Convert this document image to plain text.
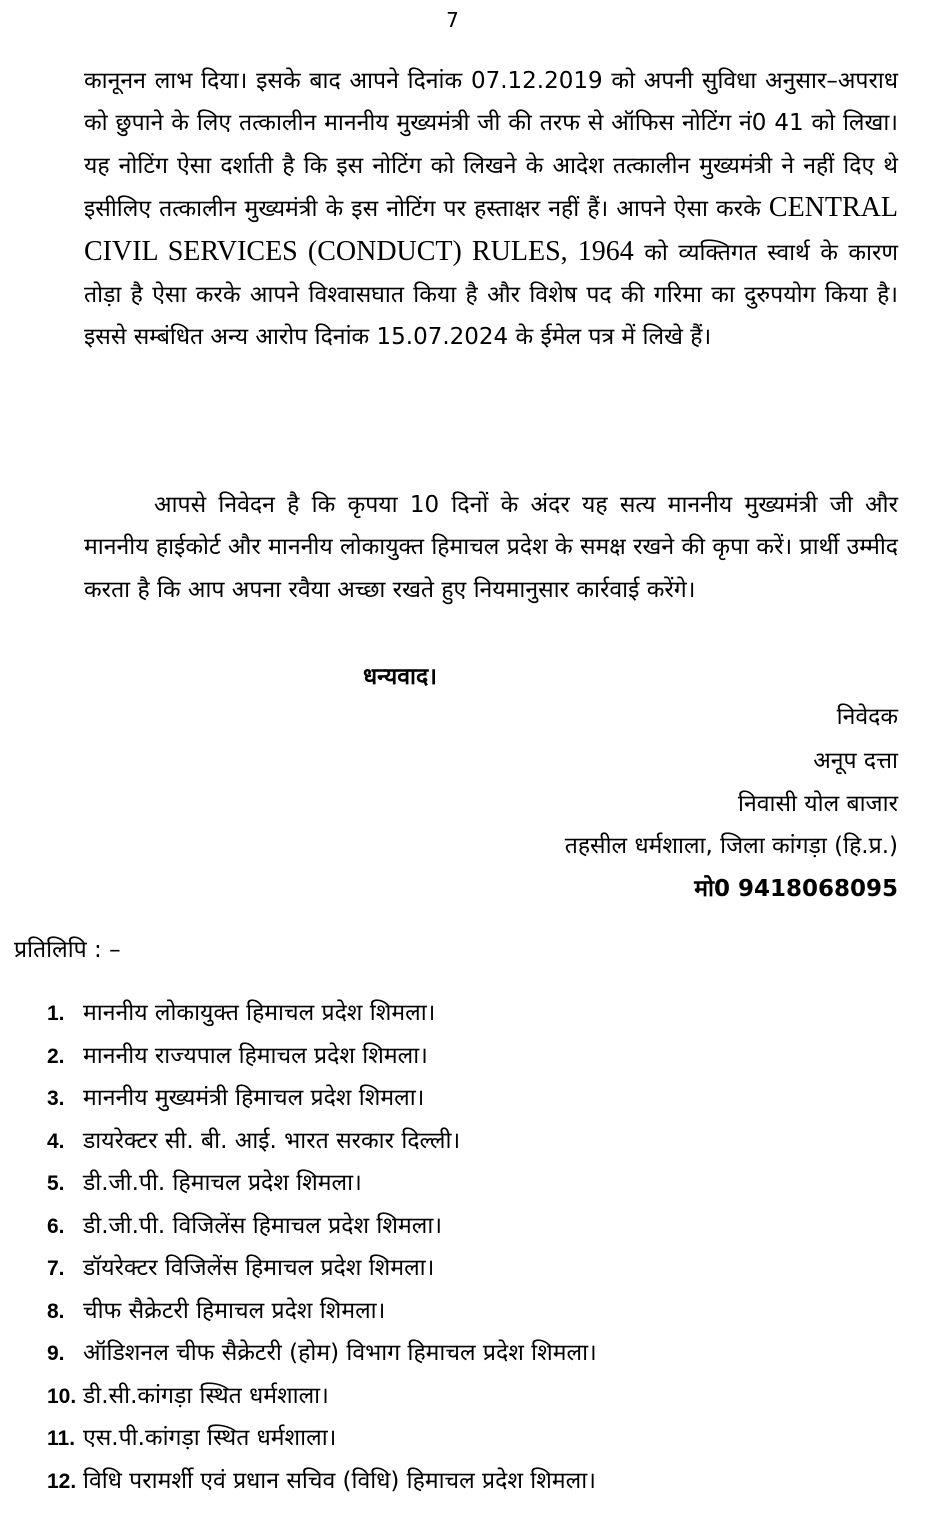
7
कानूनन लाभ दिया। इसके बाद आपने दिनांक 07.12.2019 को अपनी सुविधा अनुसार–अपराध को छुपाने के लिए तत्कालीन माननीय मुख्यमंत्री जी की तरफ से ऑफिस नोटिंग नं0 41 को लिखा। यह नोटिंग ऐसा दर्शाती है कि इस नोटिंग को लिखने के आदेश तत्कालीन मुख्यमंत्री ने नहीं दिए थे इसीलिए तत्कालीन मुख्यमंत्री के इस नोटिंग पर हस्ताक्षर नहीं हैं। आपने ऐसा करके CENTRAL CIVIL SERVICES (CONDUCT) RULES, 1964 को व्यक्तिगत स्वार्थ के कारण तोड़ा है ऐसा करके आपने विश्वासघात किया है और विशेष पद की गरिमा का दुरुपयोग किया है। इससे सम्बंधित अन्य आरोप दिनांक 15.07.2024 के ईमेल पत्र में लिखे हैं।
आपसे निवेदन है कि कृपया 10 दिनों के अंदर यह सत्य माननीय मुख्यमंत्री जी और माननीय हाईकोर्ट और माननीय लोकायुक्त हिमाचल प्रदेश के समक्ष रखने की कृपा करें। प्रार्थी उम्मीद करता है कि आप अपना रवैया अच्छा रखते हुए नियमानुसार कार्रवाई करेंगे।
धन्यवाद।
निवेदक
अनूप दत्ता
निवासी योल बाजार
तहसील धर्मशाला, जिला कांगड़ा (हि.प्र.)
मो0 9418068095
प्रतिलिपि : –
1. माननीय लोकायुक्त हिमाचल प्रदेश शिमला।
2. माननीय राज्यपाल हिमाचल प्रदेश शिमला।
3. माननीय मुख्यमंत्री हिमाचल प्रदेश शिमला।
4. डायरेक्टर सी. बी. आई. भारत सरकार दिल्ली।
5. डी.जी.पी. हिमाचल प्रदेश शिमला।
6. डी.जी.पी. विजिलेंस हिमाचल प्रदेश शिमला।
7. डॉयरेक्टर विजिलेंस हिमाचल प्रदेश शिमला।
8. चीफ सैक्रेटरी हिमाचल प्रदेश शिमला।
9. ऑडिशनल चीफ सैक्रेटरी (होम) विभाग हिमाचल प्रदेश शिमला।
10. डी.सी.कांगड़ा स्थित धर्मशाला।
11. एस.पी.कांगड़ा स्थित धर्मशाला।
12. विधि परामर्शी एवं प्रधान सचिव (विधि) हिमाचल प्रदेश शिमला।
